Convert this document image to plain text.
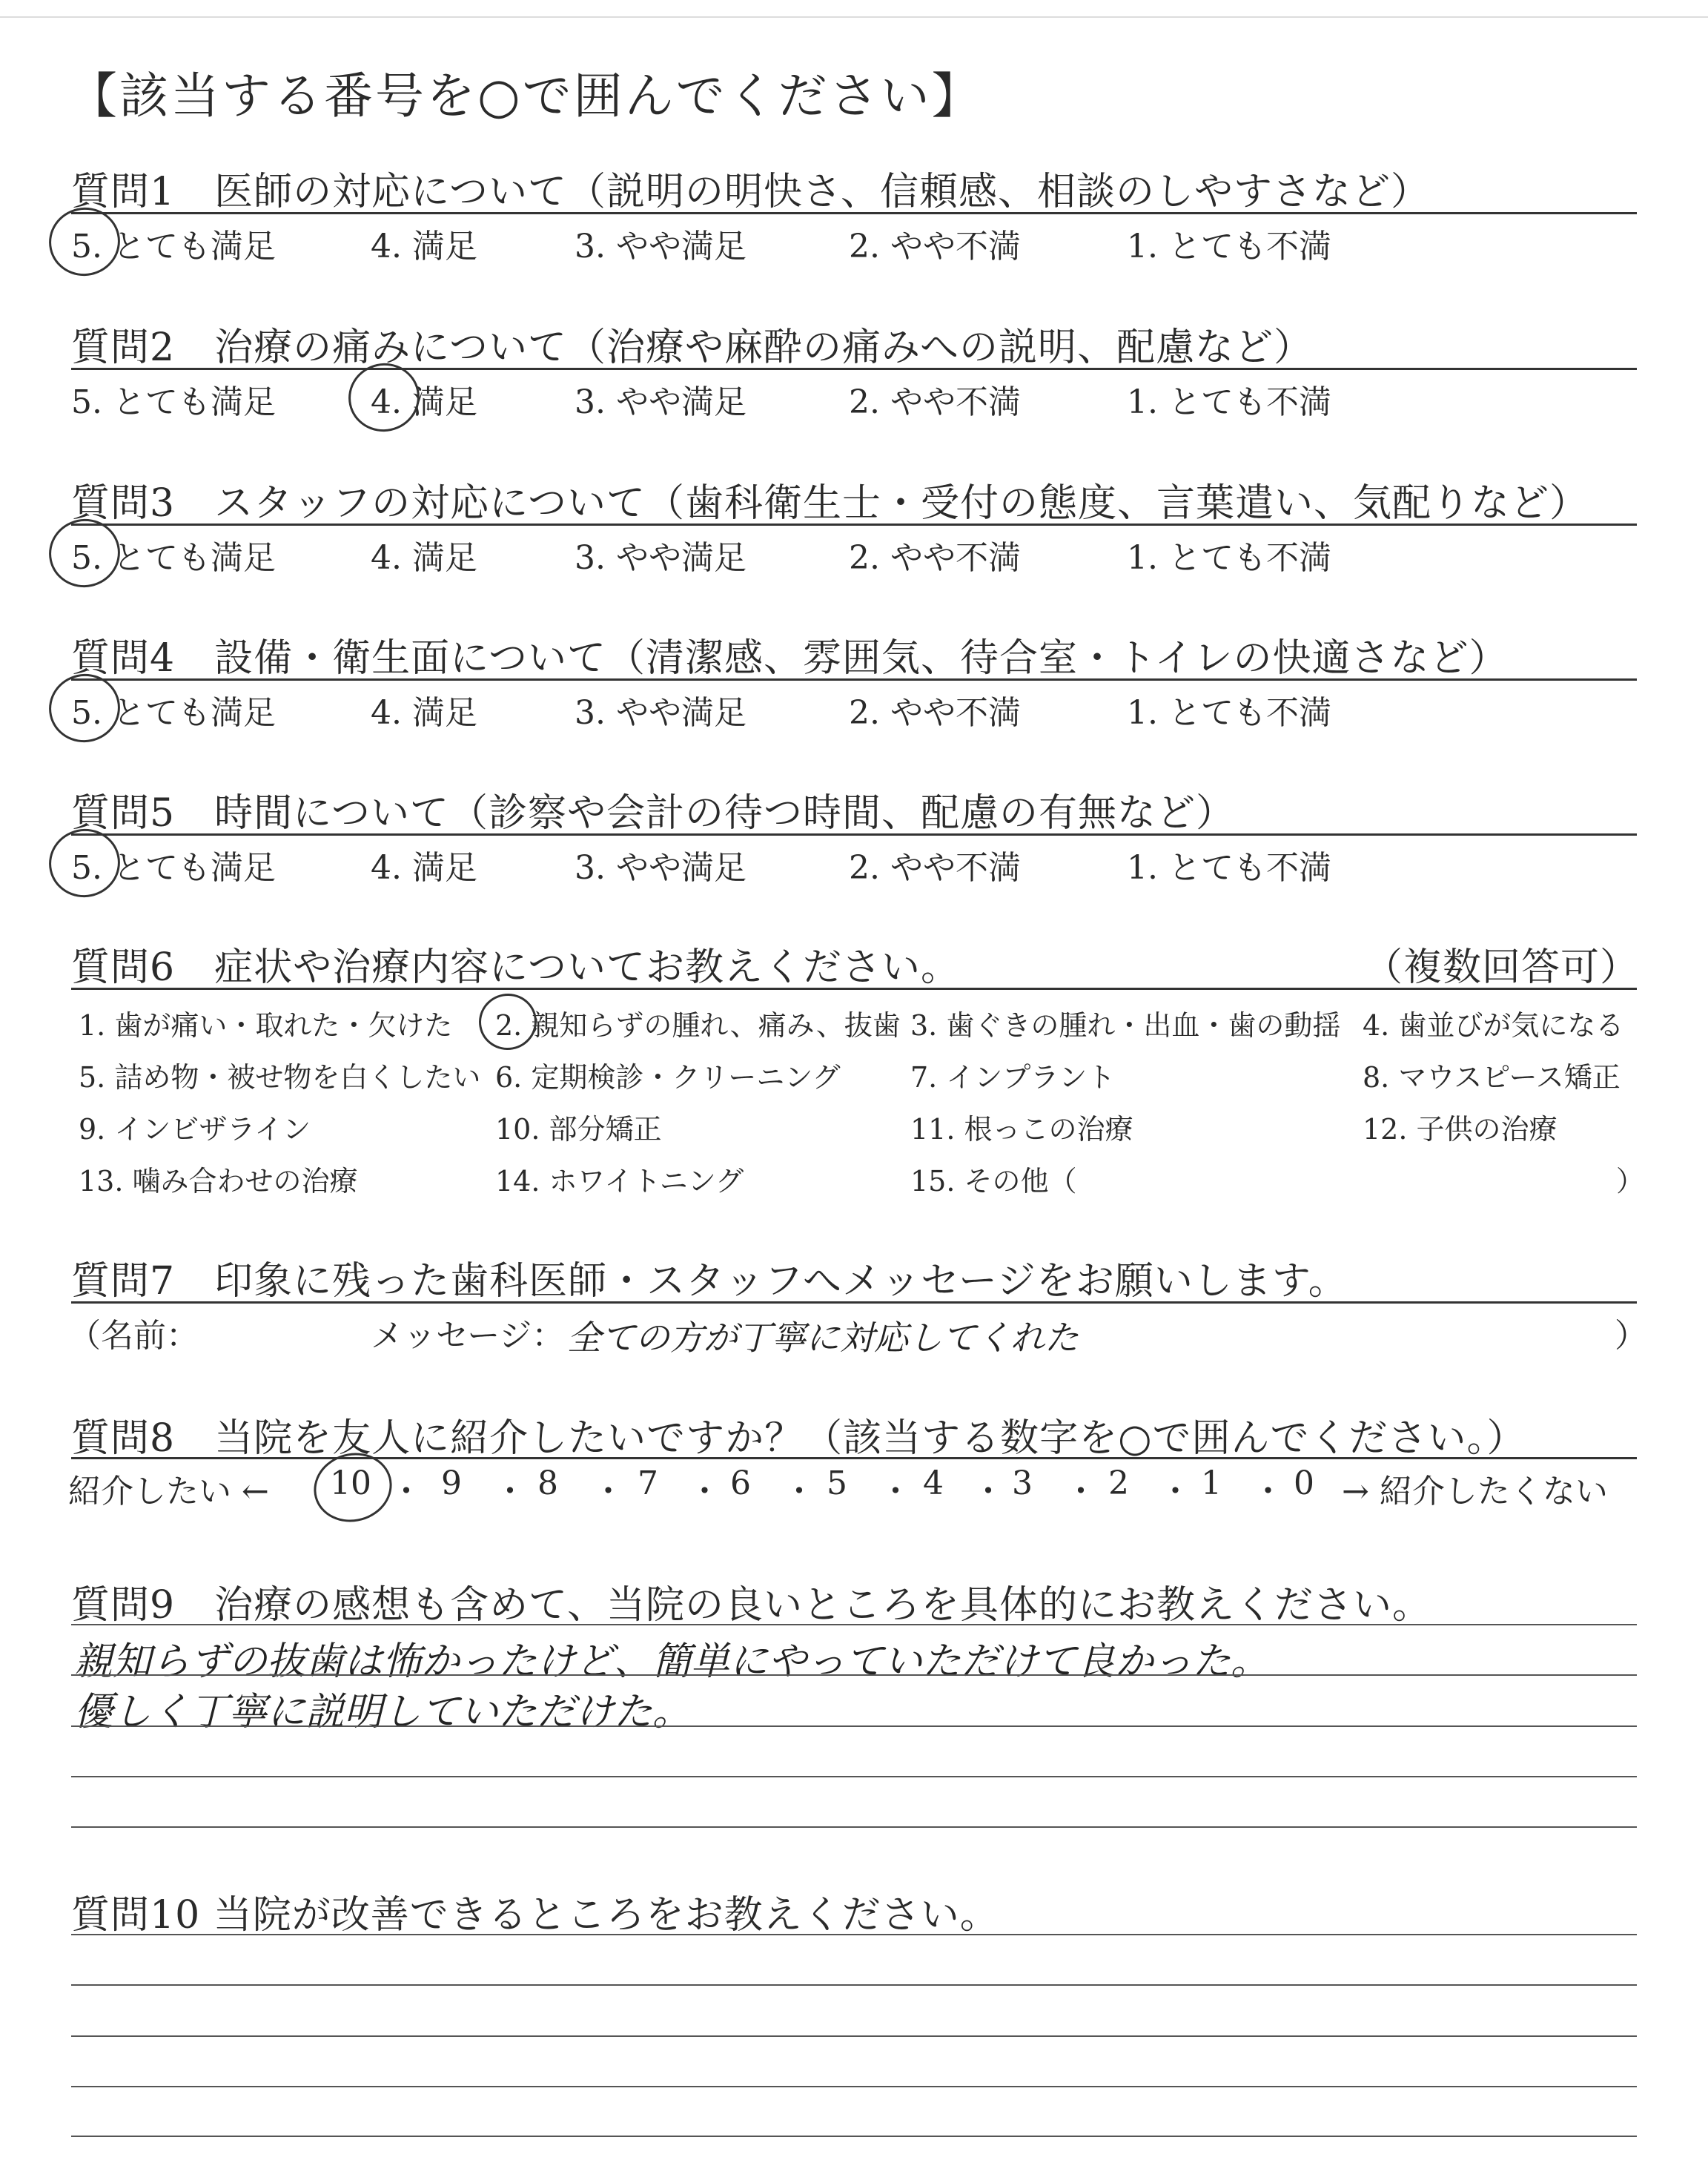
【該当する番号を○で囲んでください】
質問6　症状や治療内容についてお教えください。	（複数回答可）
質問7　印象に残った歯科医師・スタッフへメッセージをお願いします。
（名前：	メッセージ： 全ての方が丁寧に対応してくれた	）
質問8　当院を友人に紹介したいですか？（該当する数字を○で囲んでください。）
紹介したい ←	→ 紹介したくない
質問9　治療の感想も含めて、当院の良いところを具体的にお教えください。
親知らずの抜歯は怖かったけど、簡単にやっていただけて良かった。
優しく丁寧に説明していただけた。
質問10 当院が改善できるところをお教えください。
質問1　医師の対応について（説明の明快さ、信頼感、相談のしやすさなど）
5. とても満足	4. 満足	3. やや満足	2. やや不満	1. とても不満
質問2　治療の痛みについて（治療や麻酔の痛みへの説明、配慮など）
5. とても満足	4. 満足	3. やや満足	2. やや不満	1. とても不満
質問3　スタッフの対応について（歯科衛生士・受付の態度、言葉遣い、気配りなど）
5. とても満足	4. 満足	3. やや満足	2. やや不満	1. とても不満
質問4　設備・衛生面について（清潔感、雰囲気、待合室・トイレの快適さなど）
5. とても満足	4. 満足	3. やや満足	2. やや不満	1. とても不満
質問5　時間について（診察や会計の待つ時間、配慮の有無など）
5. とても満足	4. 満足	3. やや満足	2. やや不満	1. とても不満
1. 歯が痛い・取れた・欠けた 2. 親知らずの腫れ、痛み、抜歯 3. 歯ぐきの腫れ・出血・歯の動揺 4. 歯並びが気になる
5. 詰め物・被せ物を白くしたい 6. 定期検診・クリーニング 7. インプラント	8. マウスピース矯正
9. インビザライン	10. 部分矯正	11. 根っこの治療	12. 子供の治療
13. 噛み合わせの治療	14. ホワイトニング	15. その他（	）
10 ・ 9 ・ 8 ・ 7 ・ 6 ・ 5 ・ 4 ・ 3 ・ 2 ・ 1 ・ 0
